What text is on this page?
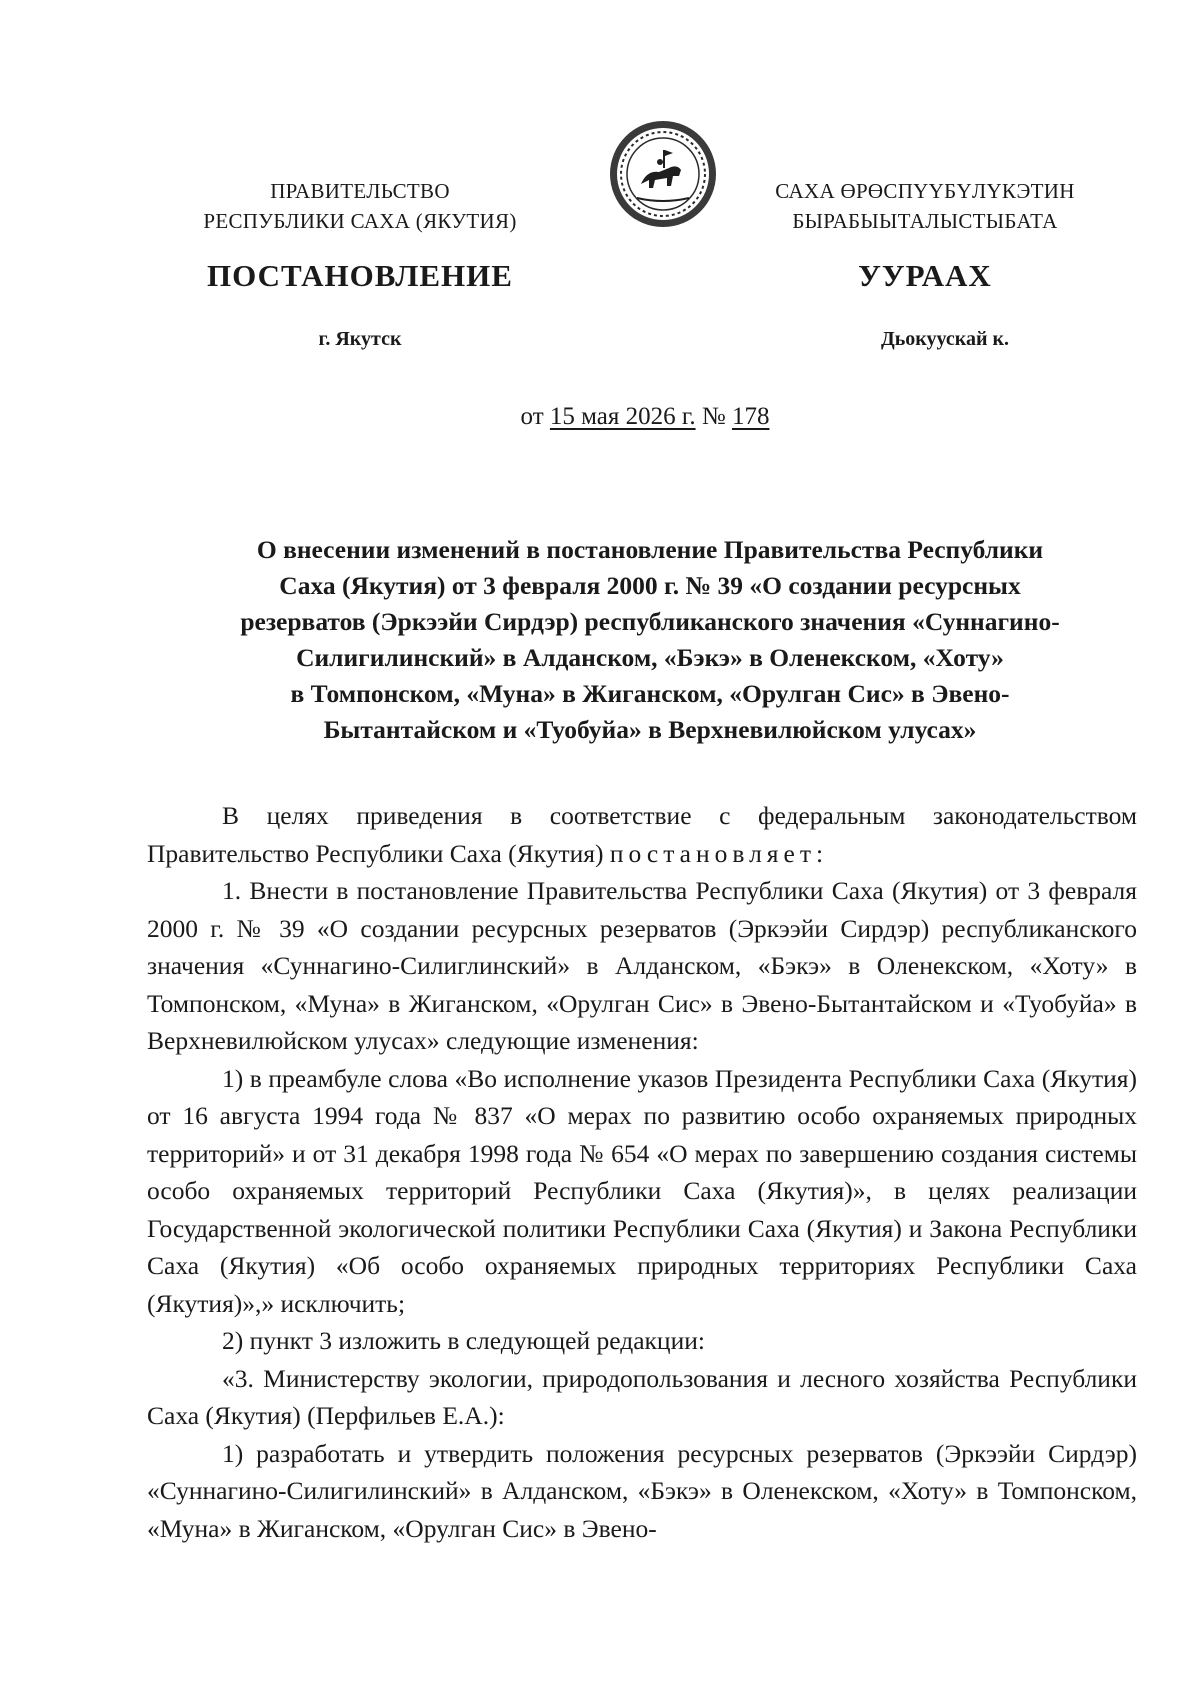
ПРАВИТЕЛЬСТВО
РЕСПУБЛИКИ САХА (ЯКУТИЯ)
САХА ӨРӨСПҮҮБҮЛҮКЭТИН
БЫРАБЫЫТАЛЫСТЫБАТА
ПОСТАНОВЛЕНИЕ	УУРААХ
г. Якутск	Дьокуускай к.
от 15 мая 2026 г. № 178
О внесении изменений в постановление Правительства Республики
Саха (Якутия) от 3 февраля 2000 г. № 39 «О создании ресурсных
резерватов (Эркээйи Сирдэр) республиканского значения «Суннагино-
Силигилинский» в Алданском, «Бэкэ» в Оленекском, «Хоту»
в Томпонском, «Муна» в Жиганском, «Орулган Сис» в Эвено-
Бытантайском и «Туобуйа» в Верхневилюйском улусах»

В целях приведения в соответствие с федеральным законодательством Правительство Республики Саха (Якутия) постановляет:

1. Внести в постановление Правительства Республики Саха (Якутия) от 3 февраля 2000 г. № 39 «О создании ресурсных резерватов (Эркээйи Сирдэр) республиканского значения «Суннагино-Силиглинский» в Алданском, «Бэкэ» в Оленекском, «Хоту» в Томпонском, «Муна» в Жиганском, «Орулган Сис» в Эвено-Бытантайском и «Туобуйа» в Верхневилюйском улусах» следующие изменения:

1) в преамбуле слова «Во исполнение указов Президента Республики Саха (Якутия) от 16 августа 1994 года № 837 «О мерах по развитию особо охраняемых природных территорий» и от 31 декабря 1998 года № 654 «О мерах по завершению создания системы особо охраняемых территорий Республики Саха (Якутия)», в целях реализации Государственной экологической политики Республики Саха (Якутия) и Закона Республики Саха (Якутия) «Об особо охраняемых природных территориях Республики Саха (Якутия)»,» исключить;

2) пункт 3 изложить в следующей редакции:

«3. Министерству экологии, природопользования и лесного хозяйства Республики Саха (Якутия) (Перфильев Е.А.):

1) разработать и утвердить положения ресурсных резерватов (Эркээйи Сирдэр) «Суннагино-Силигилинский» в Алданском, «Бэкэ» в Оленекском, «Хоту» в Томпонском, «Муна» в Жиганском, «Орулган Сис» в Эвено-
